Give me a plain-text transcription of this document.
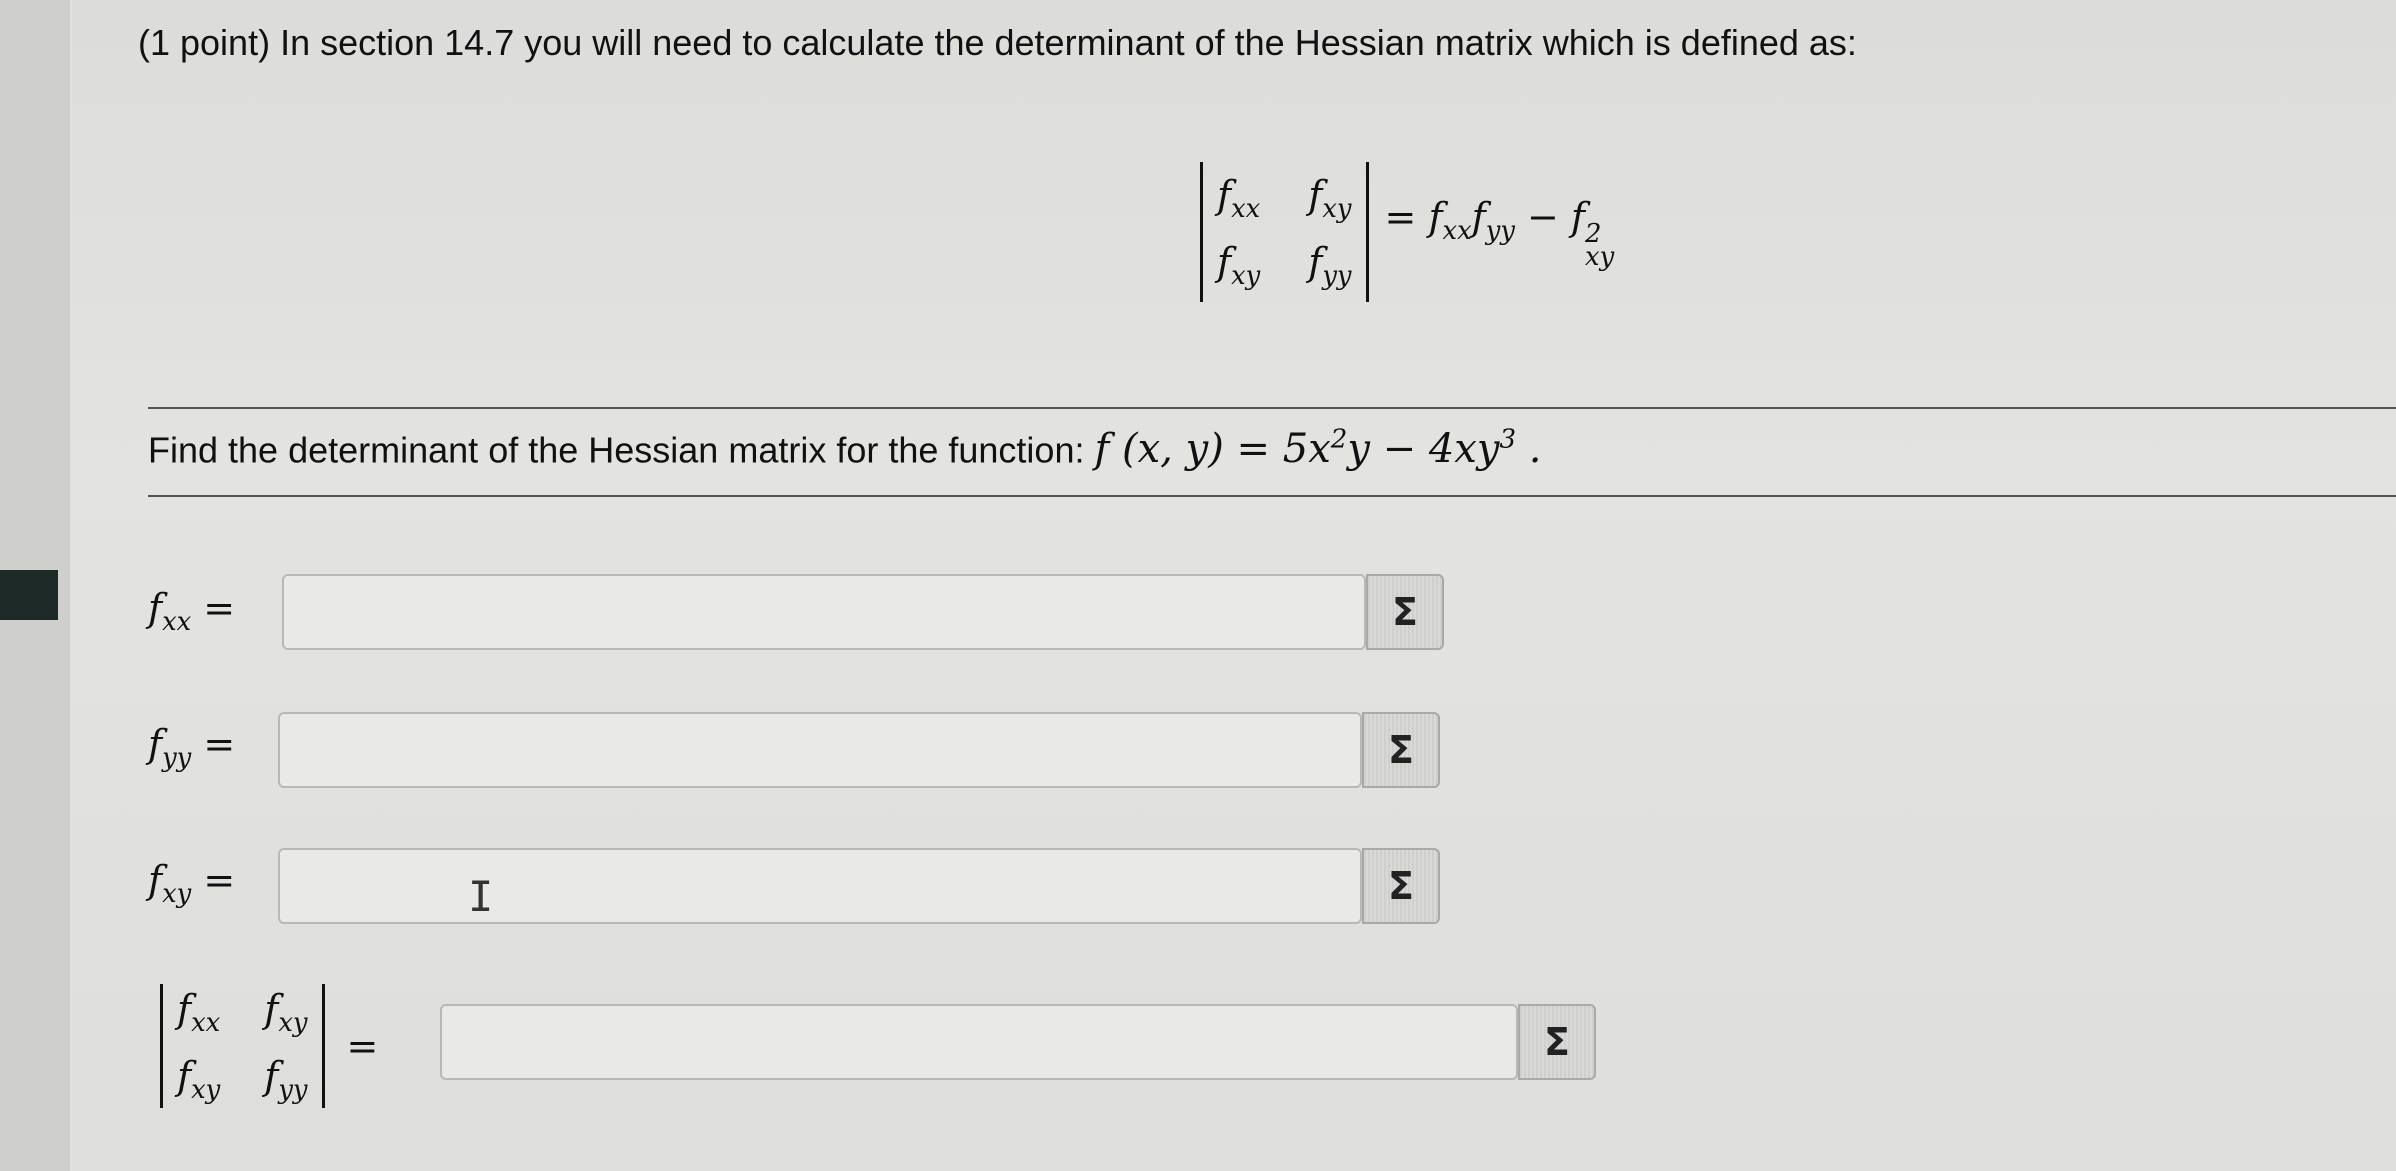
(1 point) In section 14.7 you will need to calculate the determinant of the Hessian matrix which is defined as:
$f_{xx}$ $f_{xy}$
$f_{xy}$ $f_{yy}$
= $f_{xx}f_{yy} - f$ 2
xy
Find the determinant of the Hessian matrix for the function: f (x, $y) = 5x^2y - 4xy^3$ .
$f_{xx}$ =	Σ
$f_{yy}$ =	Σ
$f_{xy}$ =	Σ
I
$f_{xx}$ $f_{xy}$
$f_{xy}$ $f_{yy}$
=	Σ
